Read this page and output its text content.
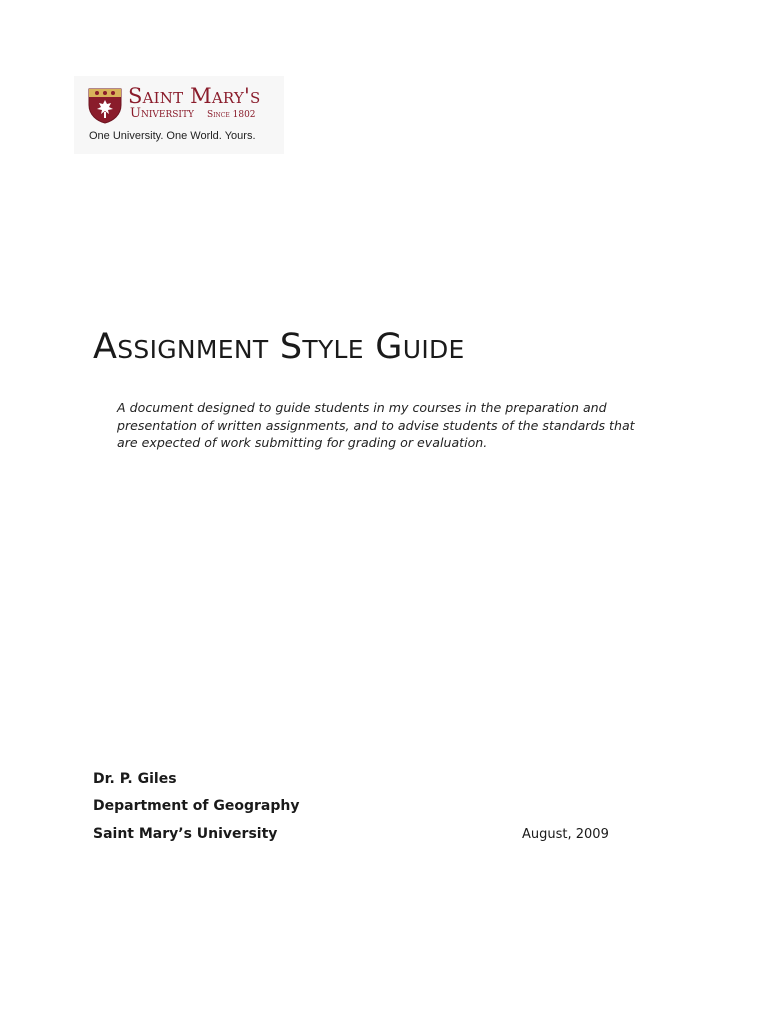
Saint Mary's
University Since 1802
One University. One World. Yours.
Assignment Style Guide

A document designed to guide students in my courses in the preparation and presentation of written assignments, and to advise students of the standards that are expected of work submitting for grading or evaluation.

Dr. P. Giles
Department of Geography
Saint Mary’s University	August, 2009
